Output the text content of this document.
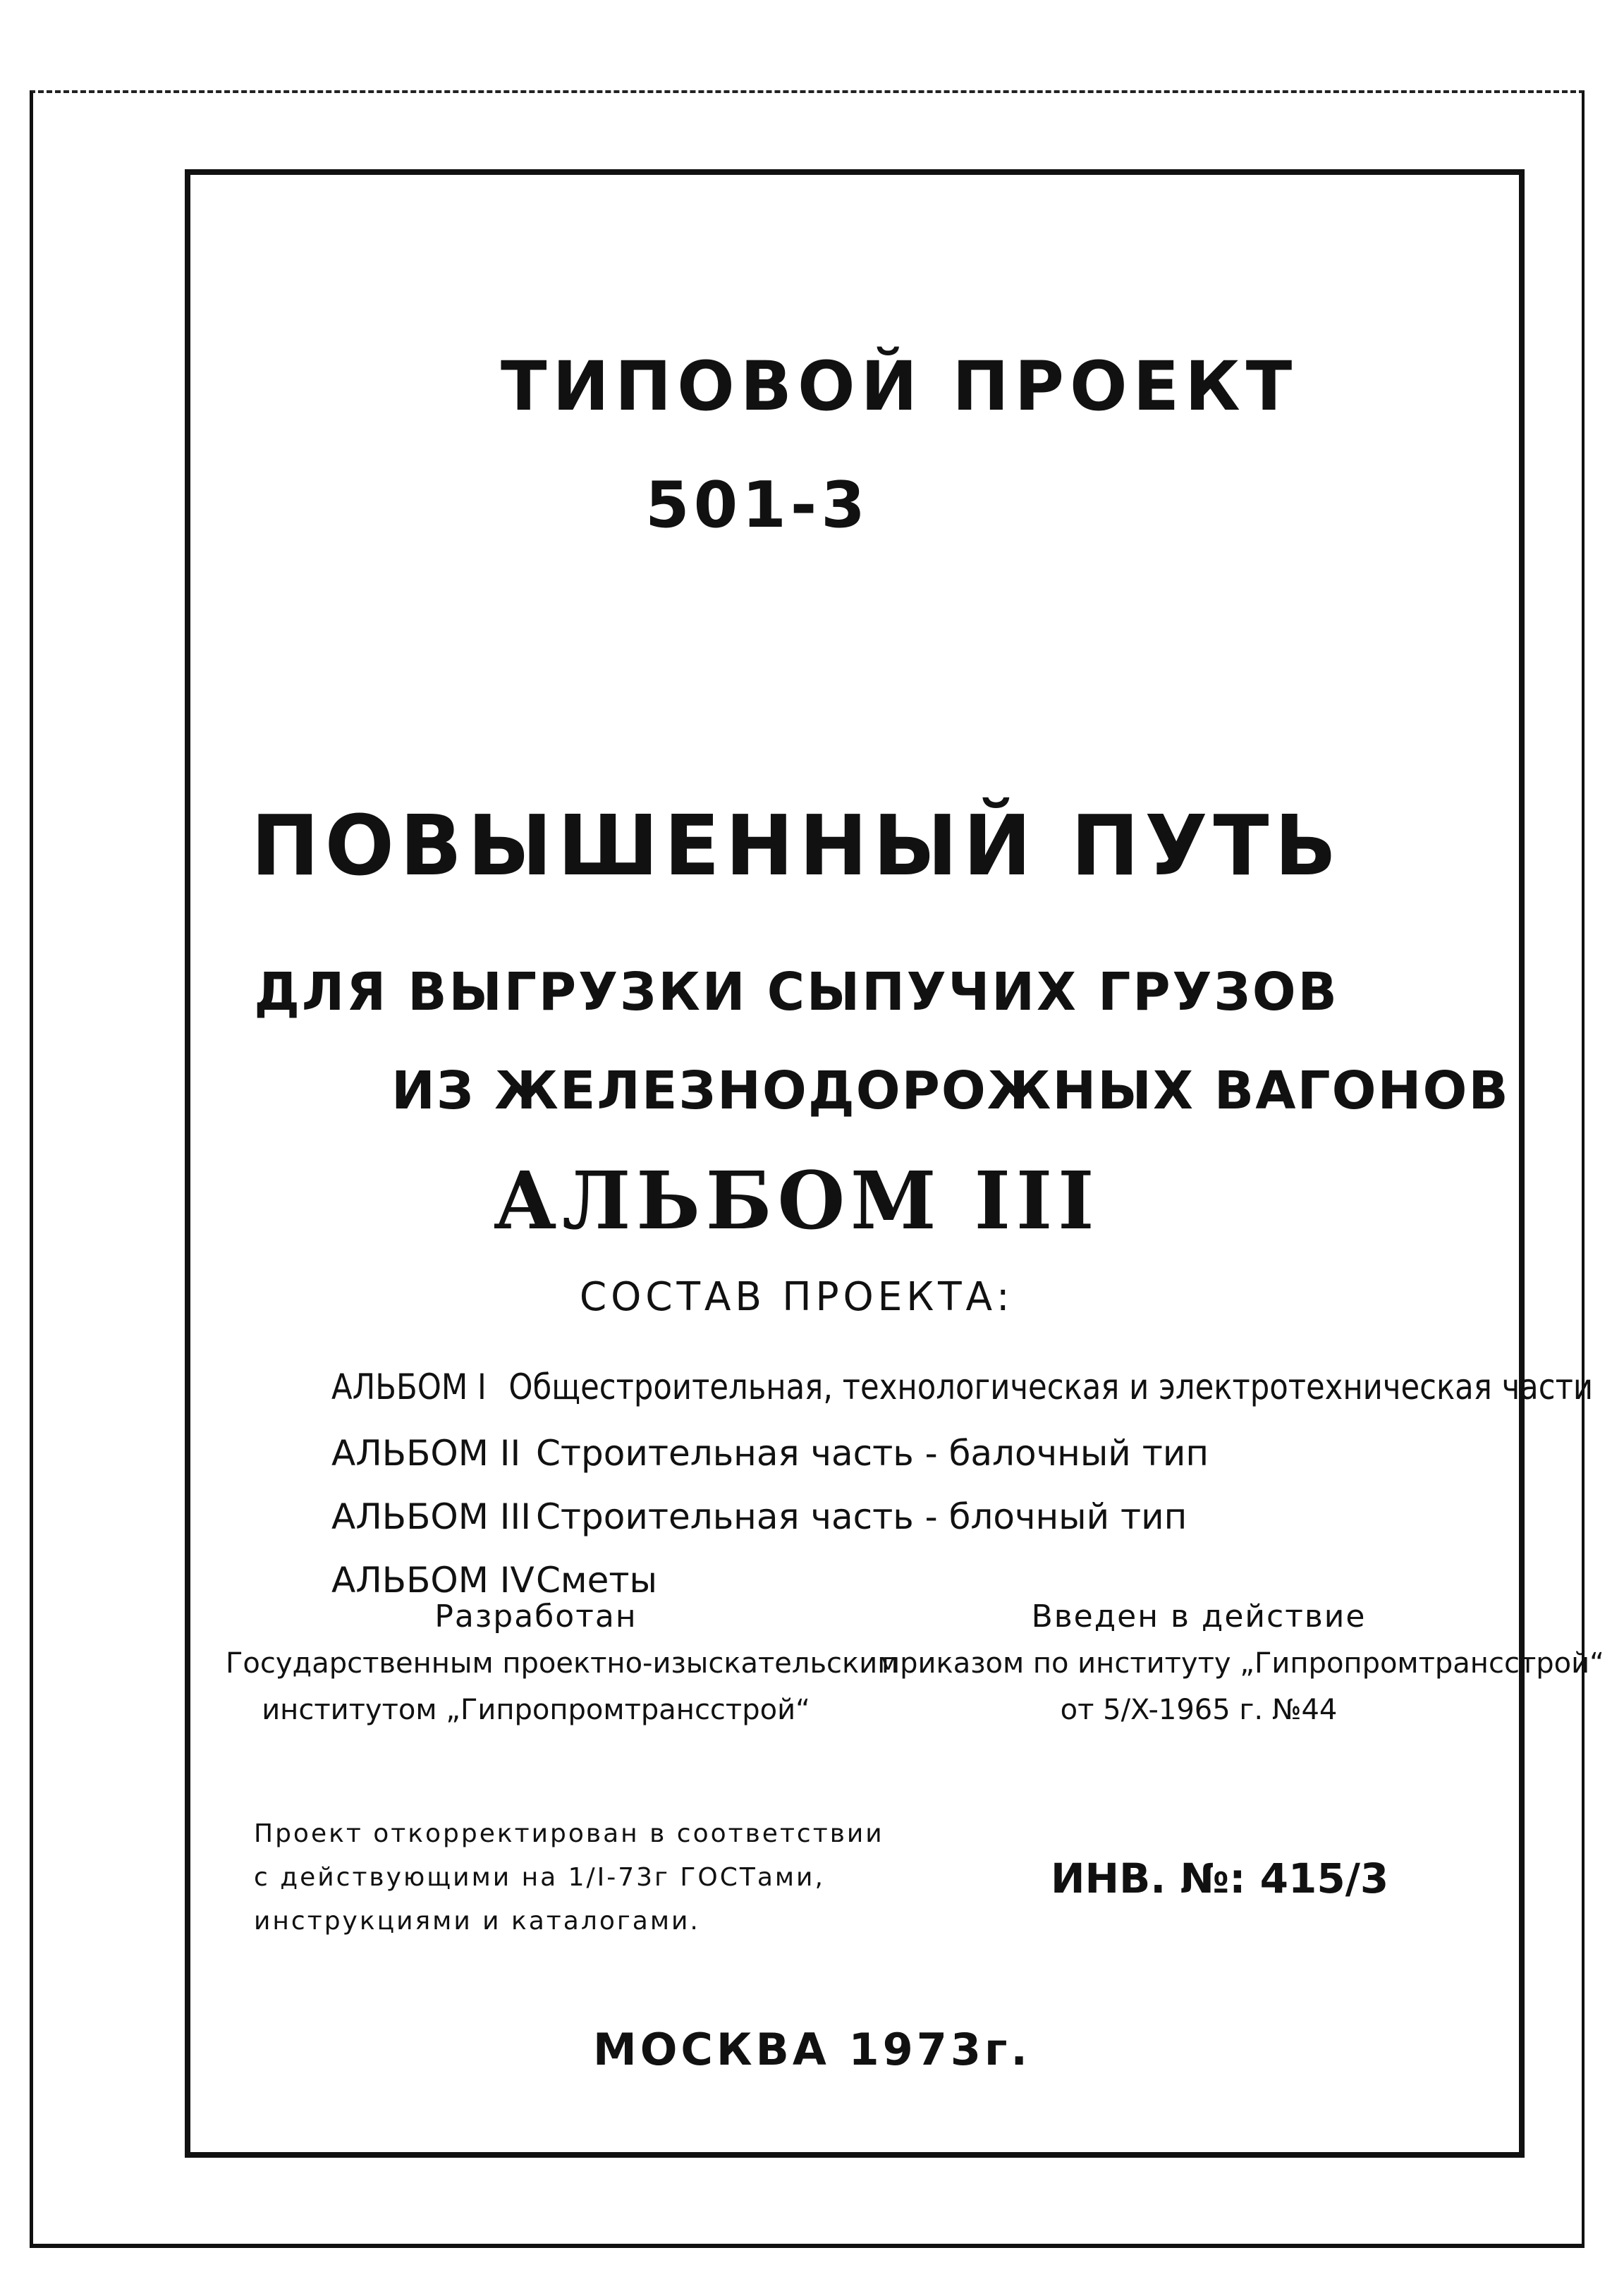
ТИПОВОЙ ПРОЕКТ
501-3
ПОВЫШЕННЫЙ ПУТЬ
ДЛЯ ВЫГРУЗКИ СЫПУЧИХ ГРУЗОВ
ИЗ ЖЕЛЕЗНОДОРОЖНЫХ ВАГОНОВ
АЛЬБОМ III
СОСТАВ ПРОЕКТА:
АЛЬБОМ I Общестроительная, технологическая и электротехническая части
АЛЬБОМ II Строительная часть - балочный тип
АЛЬБОМ III Строительная часть - блочный тип
АЛЬБОМ IVСметы
Разработан
Государственным проектно-изыскательским
институтом „Гипропромтрансстрой“
Введен в действие
приказом по институту „Гипропромтрансстрой“
от 5/X-1965 г. №44
Проект откорректирован в соответствии
с действующими на 1/I-73г ГОСТами,
инструкциями и каталогами.
ИНВ. №: 415/3
МОСКВА 1973г.
